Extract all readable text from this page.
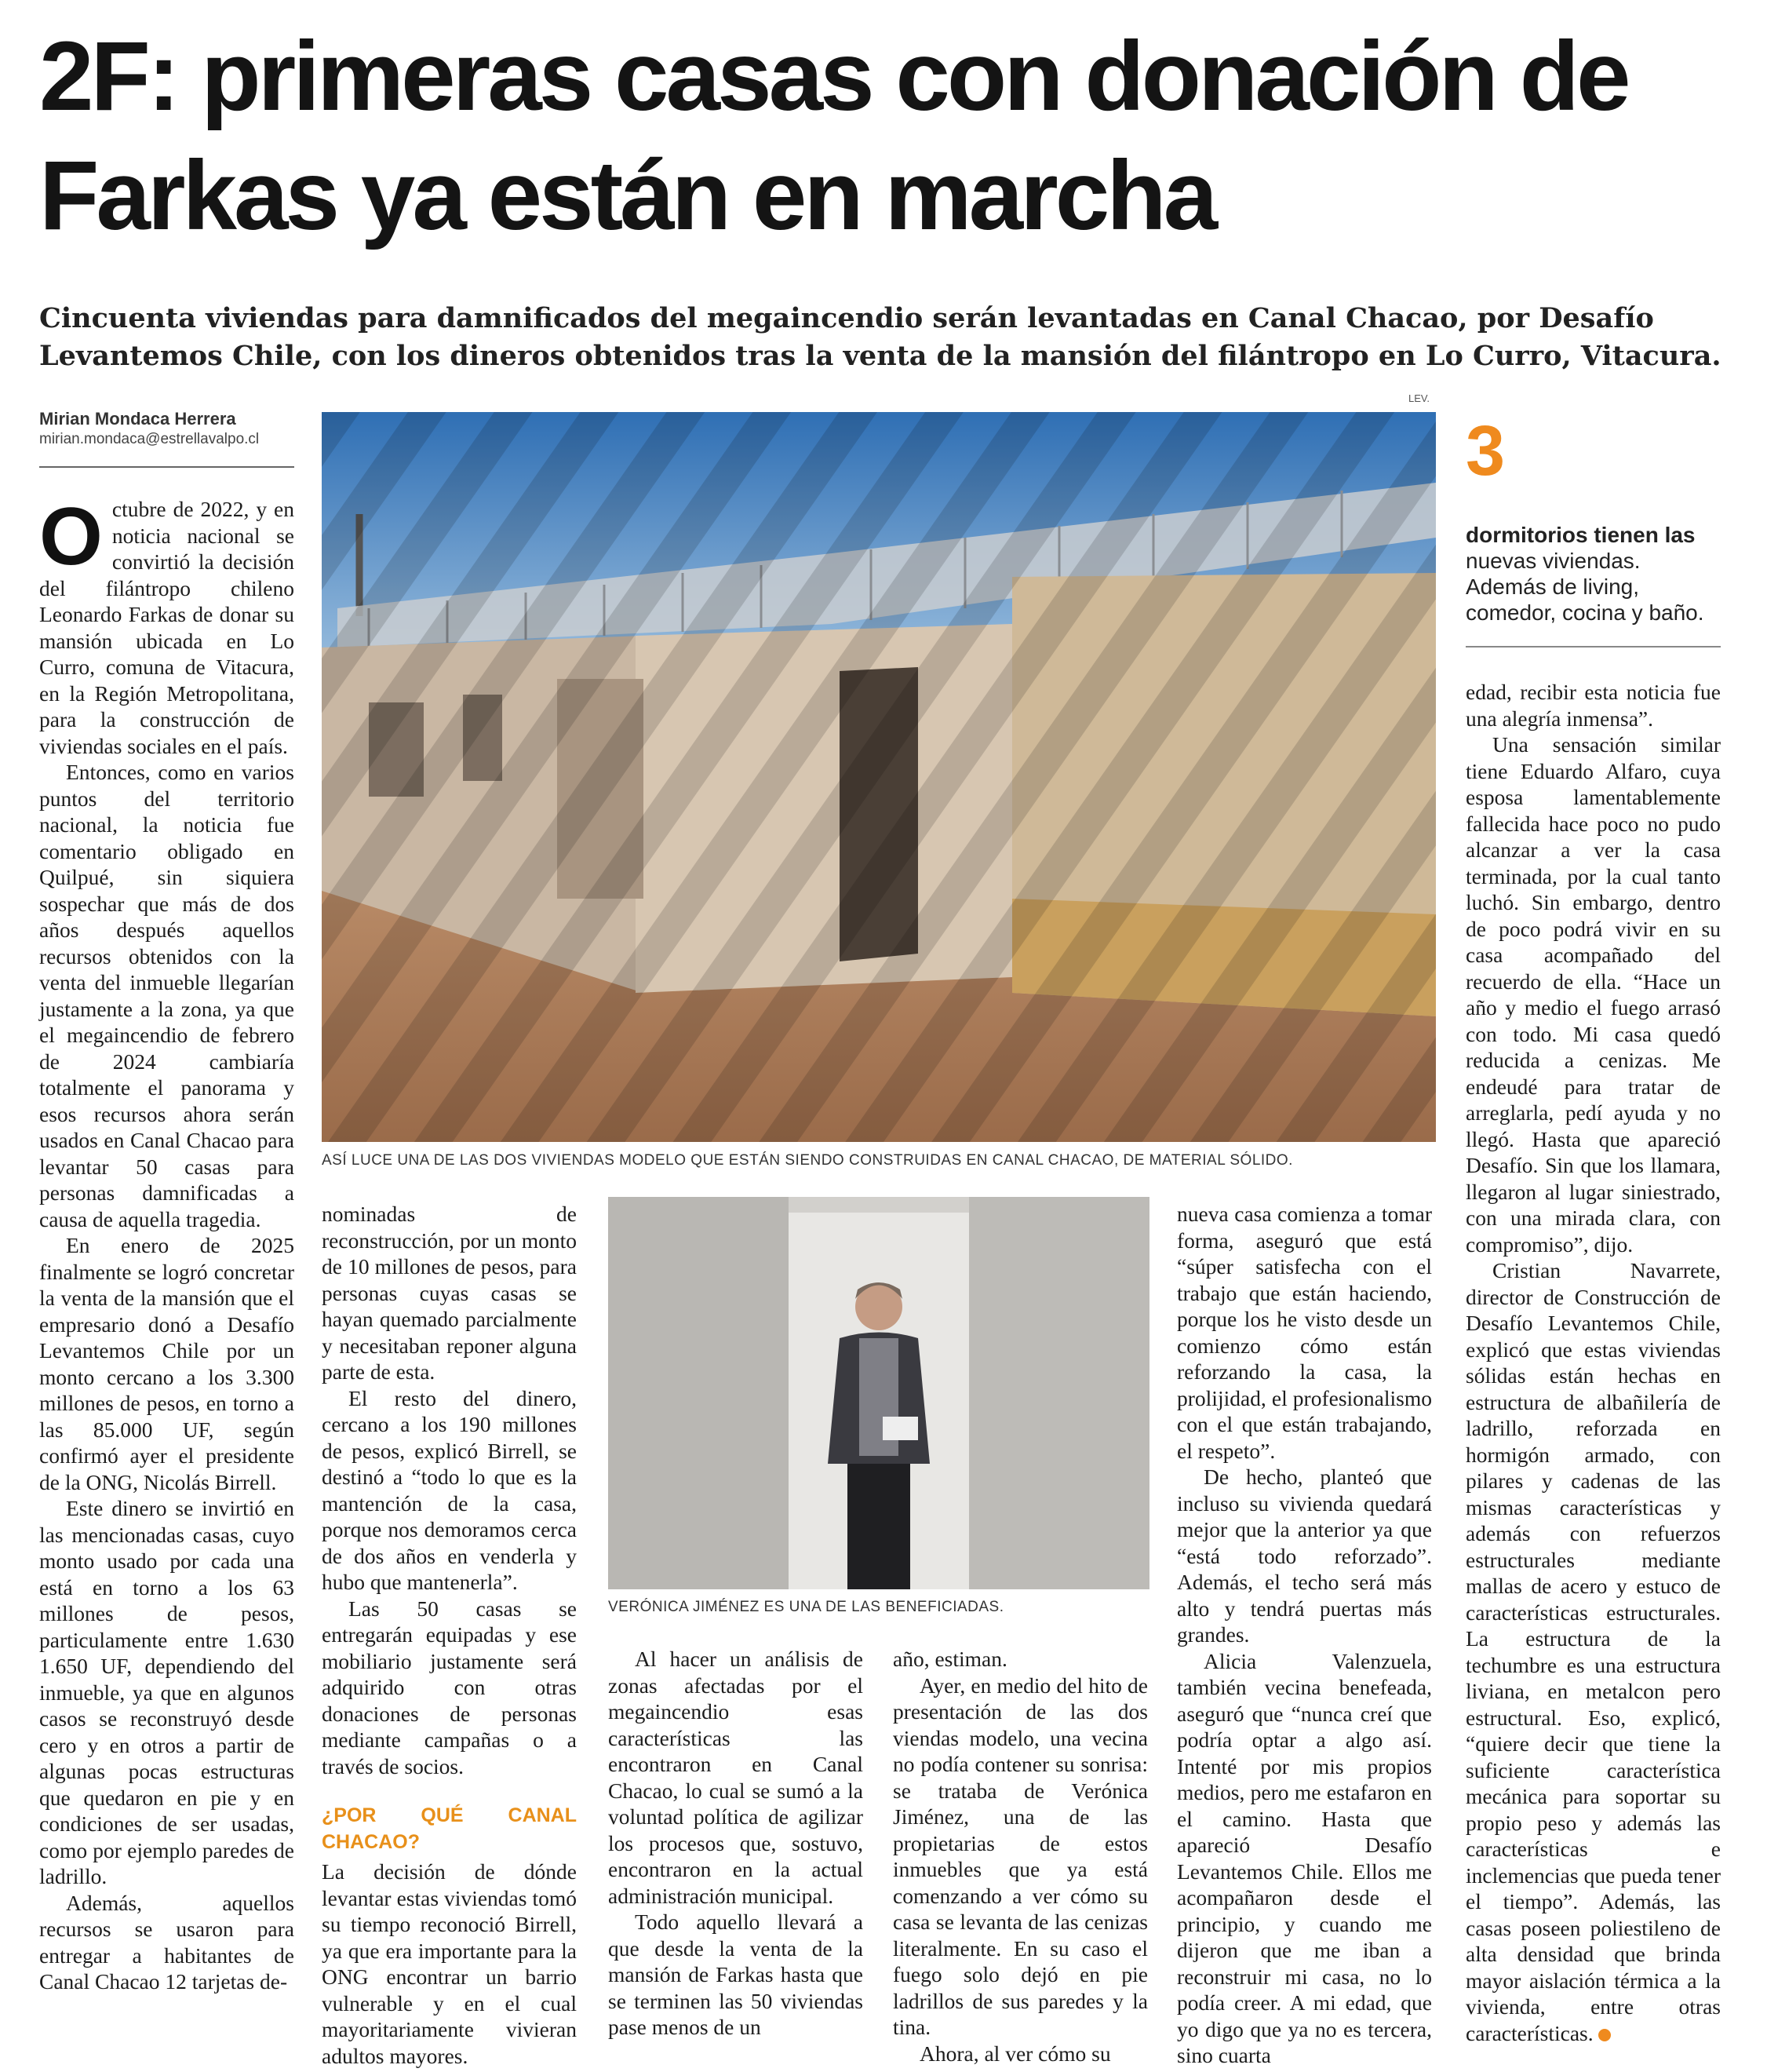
2F: primeras casas con donación de Farkas ya están en marcha

Cincuenta viviendas para damnificados del megaincendio serán levantadas en Canal Chacao, por Desafío Levantemos Chile, con los dineros obtenidos tras la venta de la mansión del filántropo en Lo Curro, Vitacura.

Mirian Mondaca Herrera
mirian.mondaca@estrellavalpo.cl
LEV.
ASÍ LUCE UNA DE LAS DOS VIVIENDAS MODELO QUE ESTÁN SIENDO CONSTRUIDAS EN CANAL CHACAO, DE MATERIAL SÓLIDO.
VERÓNICA JIMÉNEZ ES UNA DE LAS BENEFICIADAS.
3
dormitorios tienen las nuevas viviendas. Además de living, comedor, cocina y baño.

Octubre de 2022, y en noticia nacional se convirtió la decisión del filántropo chileno Leonardo Farkas de donar su mansión ubicada en Lo Curro, comuna de Vitacura, en la Región Metropolitana, para la construcción de viviendas sociales en el país.

Entonces, como en varios puntos del territorio nacional, la noticia fue comentario obligado en Quilpué, sin siquiera sospechar que más de dos años después aquellos recursos obtenidos con la venta del inmueble llegarían justamente a la zona, ya que el megaincendio de febrero de 2024 cambiaría totalmente el panorama y esos recursos ahora serán usados en Canal Chacao para levantar 50 casas para personas damnificadas a causa de aquella tragedia.

En enero de 2025 finalmente se logró concretar la venta de la mansión que el empresario donó a Desafío Levantemos Chile por un monto cercano a los 3.300 millones de pesos, en torno a las 85.000 UF, según confirmó ayer el presidente de la ONG, Nicolás Birrell.

Este dinero se invirtió en las mencionadas casas, cuyo monto usado por cada una está en torno a los 63 millones de pesos, particulamente entre 1.630 1.650 UF, dependiendo del inmueble, ya que en algunos casos se reconstruyó desde cero y en otros a partir de algunas pocas estructuras que quedaron en pie y en condiciones de ser usadas, como por ejemplo paredes de ladrillo.

Además, aquellos recursos se usaron para entregar a habitantes de Canal Chacao 12 tarjetas de-

nominadas de reconstrucción, por un monto de 10 millones de pesos, para personas cuyas casas se hayan quemado parcialmente y necesitaban reponer alguna parte de esta.

El resto del dinero, cercano a los 190 millones de pesos, explicó Birrell, se destinó a “todo lo que es la mantención de la casa, porque nos demoramos cerca de dos años en venderla y hubo que mantenerla”.

Las 50 casas se entregarán equipadas y ese mobiliario justamente será adquirido con otras donaciones de personas mediante campañas o a través de socios.

¿POR QUÉ CANAL CHACAO?

La decisión de dónde levantar estas viviendas tomó su tiempo reconoció Birrell, ya que era importante para la ONG encontrar un barrio vulnerable y en el cual mayoritariamente vivieran adultos mayores.

Al hacer un análisis de zonas afectadas por el megaincendio esas características las encontraron en Canal Chacao, lo cual se sumó a la voluntad política de agilizar los procesos que, sostuvo, encontraron en la actual administración municipal.

Todo aquello llevará a que desde la venta de la mansión de Farkas hasta que se terminen las 50 viviendas pase menos de un

año, estiman.

Ayer, en medio del hito de presentación de las dos viendas modelo, una vecina no podía contener su sonrisa: se trataba de Verónica Jiménez, una de las propietarias de estos inmuebles que ya está comenzando a ver cómo su casa se levanta de las cenizas literalmente. En su caso el fuego solo dejó en pie ladrillos de sus paredes y la tina.

Ahora, al ver cómo su

nueva casa comienza a tomar forma, aseguró que está “súper satisfecha con el trabajo que están haciendo, porque los he visto desde un comienzo cómo están reforzando la casa, la prolijidad, el profesionalismo con el que están trabajando, el respeto”.

De hecho, planteó que incluso su vivienda quedará mejor que la anterior ya que “está todo reforzado”. Además, el techo será más alto y tendrá puertas más grandes.

Alicia Valenzuela, también vecina benefeada, aseguró que “nunca creí que podría optar a algo así. Intenté por mis propios medios, pero me estafaron en el camino. Hasta que apareció Desafío Levantemos Chile. Ellos me acompañaron desde el principio, y cuando me dijeron que me iban a reconstruir mi casa, no lo podía creer. A mi edad, que yo digo que ya no es tercera, sino cuarta

edad, recibir esta noticia fue una alegría inmensa”.

Una sensación similar tiene Eduardo Alfaro, cuya esposa lamentablemente fallecida hace poco no pudo alcanzar a ver la casa terminada, por la cual tanto luchó. Sin embargo, dentro de poco podrá vivir en su casa acompañado del recuerdo de ella. “Hace un año y medio el fuego arrasó con todo. Mi casa quedó reducida a cenizas. Me endeudé para tratar de arreglarla, pedí ayuda y no llegó. Hasta que apareció Desafío. Sin que los llamara, llegaron al lugar siniestrado, con una mirada clara, con compromiso”, dijo.

Cristian Navarrete, director de Construcción de Desafío Levantemos Chile, explicó que estas viviendas sólidas están hechas en estructura de albañilería de ladrillo, reforzada en hormigón armado, con pilares y cadenas de las mismas características y además con refuerzos estructurales mediante mallas de acero y estuco de características estructurales. La estructura de la techumbre es una estructura liviana, en metalcon pero estructural. Eso, explicó, “quiere decir que tiene la suficiente característica mecánica para soportar su propio peso y además las características e inclemencias que pueda tener el tiempo”. Además, las casas poseen poliestileno de alta densidad que brinda mayor aislación térmica a la vivienda, entre otras características.
